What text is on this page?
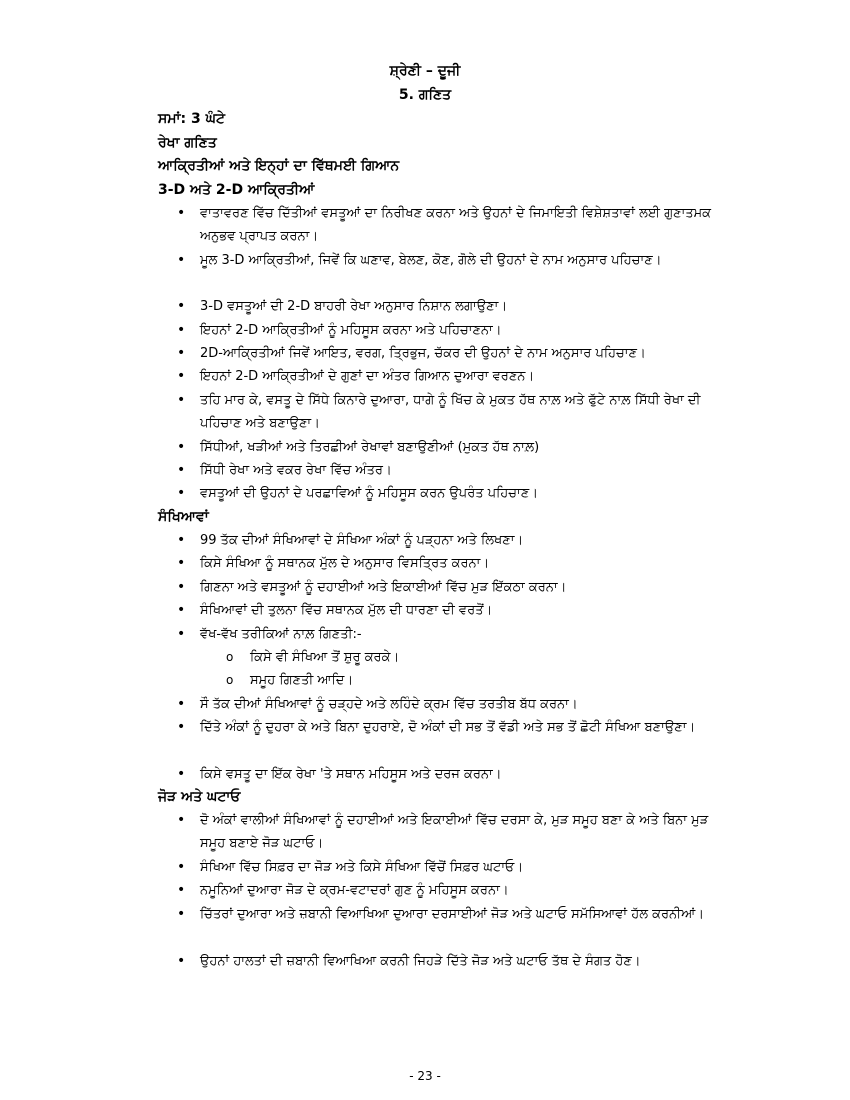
ਸ਼੍ਰੇਣੀ – ਦੂਜੀ
5. ਗਣਿਤ
ਸਮਾਂ: 3 ਘੰਟੇ
ਰੇਖਾ ਗਣਿਤ
ਆਕ੍ਰਿਤੀਆਂ ਅਤੇ ਇਨ੍ਹਾਂ ਦਾ ਵਿੱਥਮਈ ਗਿਆਨ
3-D ਅਤੇ 2-D ਆਕ੍ਰਿਤੀਆਂ
• ਵਾਤਾਵਰਣ ਵਿੱਚ ਦਿੱਤੀਆਂ ਵਸਤੂਆਂ ਦਾ ਨਿਰੀਖਣ ਕਰਨਾ ਅਤੇ ਉਹਨਾਂ ਦੇ ਜਿਮਾਇਤੀ ਵਿਸ਼ੇਸ਼ਤਾਵਾਂ ਲਈ ਗੁਣਾਤਮਕ ਅਨੁਭਵ ਪ੍ਰਾਪਤ ਕਰਨਾ।
• ਮੂਲ 3-D ਆਕ੍ਰਿਤੀਆਂ, ਜਿਵੇਂ ਕਿ ਘਣਾਵ, ਬੇਲਣ, ਕੋਣ, ਗੋਲੇ ਦੀ ਉਹਨਾਂ ਦੇ ਨਾਮ ਅਨੁਸਾਰ ਪਹਿਚਾਣ।
• 3-D ਵਸਤੂਆਂ ਦੀ 2-D ਬਾਹਰੀ ਰੇਖਾ ਅਨੁਸਾਰ ਨਿਸ਼ਾਨ ਲਗਾਉਣਾ।
• ਇਹਨਾਂ 2-D ਆਕ੍ਰਿਤੀਆਂ ਨੂੰ ਮਹਿਸੂਸ ਕਰਨਾ ਅਤੇ ਪਹਿਚਾਣਨਾ।
• 2D-ਆਕ੍ਰਿਤੀਆਂ ਜਿਵੇਂ ਆਇਤ, ਵਰਗ, ਤ੍ਰਿਭੁਜ, ਚੱਕਰ ਦੀ ਉਹਨਾਂ ਦੇ ਨਾਮ ਅਨੁਸਾਰ ਪਹਿਚਾਣ।
• ਇਹਨਾਂ 2-D ਆਕ੍ਰਿਤੀਆਂ ਦੇ ਗੁਣਾਂ ਦਾ ਅੰਤਰ ਗਿਆਨ ਦੁਆਰਾ ਵਰਣਨ।
• ਤਹਿ ਮਾਰ ਕੇ, ਵਸਤੂ ਦੇ ਸਿੱਧੇ ਕਿਨਾਰੇ ਦੁਆਰਾ, ਧਾਗੇ ਨੂੰ ਖਿੱਚ ਕੇ ਮੁਕਤ ਹੱਥ ਨਾਲ਼ ਅਤੇ ਫੁੱਟੇ ਨਾਲ਼ ਸਿੱਧੀ ਰੇਖਾ ਦੀ ਪਹਿਚਾਣ ਅਤੇ ਬਣਾਉਣਾ।
• ਸਿੱਧੀਆਂ, ਖੜੀਆਂ ਅਤੇ ਤਿਰਛੀਆਂ ਰੇਖਾਵਾਂ ਬਣਾਉਣੀਆਂ (ਮੁਕਤ ਹੱਥ ਨਾਲ਼)
• ਸਿੱਧੀ ਰੇਖਾ ਅਤੇ ਵਕਰ ਰੇਖਾ ਵਿੱਚ ਅੰਤਰ।
• ਵਸਤੂਆਂ ਦੀ ਉਹਨਾਂ ਦੇ ਪਰਛਾਵਿਆਂ ਨੂੰ ਮਹਿਸੂਸ ਕਰਨ ਉਪਰੰਤ ਪਹਿਚਾਣ।
ਸੰਖਿਆਵਾਂ
• 99 ਤੱਕ ਦੀਆਂ ਸੰਖਿਆਵਾਂ ਦੇ ਸੰਖਿਆ ਅੰਕਾਂ ਨੂੰ ਪੜ੍ਹਨਾ ਅਤੇ ਲਿਖਣਾ।
• ਕਿਸੇ ਸੰਖਿਆ ਨੂੰ ਸਥਾਨਕ ਮੁੱਲ ਦੇ ਅਨੁਸਾਰ ਵਿਸਤ੍ਰਿਤ ਕਰਨਾ।
• ਗਿਣਨਾ ਅਤੇ ਵਸਤੂਆਂ ਨੂੰ ਦਹਾਈਆਂ ਅਤੇ ਇਕਾਈਆਂ ਵਿੱਚ ਮੁੜ ਇੱਕਠਾ ਕਰਨਾ।
• ਸੰਖਿਆਵਾਂ ਦੀ ਤੁਲਨਾ ਵਿੱਚ ਸਥਾਨਕ ਮੁੱਲ ਦੀ ਧਾਰਣਾ ਦੀ ਵਰਤੋਂ।
• ਵੱਖ-ਵੱਖ ਤਰੀਕਿਆਂ ਨਾਲ਼ ਗਿਣਤੀ:-
o ਕਿਸੇ ਵੀ ਸੰਖਿਆ ਤੋਂ ਸ਼ੁਰੂ ਕਰਕੇ।
o ਸਮੂਹ ਗਿਣਤੀ ਆਦਿ।
• ਸੌ ਤੱਕ ਦੀਆਂ ਸੰਖਿਆਵਾਂ ਨੂੰ ਚੜ੍ਹਦੇ ਅਤੇ ਲਹਿੰਦੇ ਕ੍ਰਮ ਵਿੱਚ ਤਰਤੀਬ ਬੱਧ ਕਰਨਾ।
• ਦਿੱਤੇ ਅੰਕਾਂ ਨੂੰ ਦੁਹਰਾ ਕੇ ਅਤੇ ਬਿਨਾ ਦੁਹਰਾਏ, ਦੋ ਅੰਕਾਂ ਦੀ ਸਭ ਤੋਂ ਵੱਡੀ ਅਤੇ ਸਭ ਤੋਂ ਛੋਟੀ ਸੰਖਿਆ ਬਣਾਉਣਾ।
• ਕਿਸੇ ਵਸਤੂ ਦਾ ਇੱਕ ਰੇਖਾ 'ਤੇ ਸਥਾਨ ਮਹਿਸੂਸ ਅਤੇ ਦਰਜ ਕਰਨਾ।
ਜੋੜ ਅਤੇ ਘਟਾਓ
• ਦੋ ਅੰਕਾਂ ਵਾਲੀਆਂ ਸੰਖਿਆਵਾਂ ਨੂੰ ਦਹਾਈਆਂ ਅਤੇ ਇਕਾਈਆਂ ਵਿੱਚ ਦਰਸਾ ਕੇ, ਮੁੜ ਸਮੂਹ ਬਣਾ ਕੇ ਅਤੇ ਬਿਨਾ ਮੁੜ ਸਮੂਹ ਬਣਾਏ ਜੋੜ ਘਟਾਓ।
• ਸੰਖਿਆ ਵਿੱਚ ਸਿਫ਼ਰ ਦਾ ਜੋੜ ਅਤੇ ਕਿਸੇ ਸੰਖਿਆ ਵਿੱਚੋਂ ਸਿਫ਼ਰ ਘਟਾਓ।
• ਨਮੂਨਿਆਂ ਦੁਆਰਾ ਜੋੜ ਦੇ ਕ੍ਰਮ-ਵਟਾਦਰਾਂ ਗੁਣ ਨੂੰ ਮਹਿਸੂਸ ਕਰਨਾ।
• ਚਿੱਤਰਾਂ ਦੁਆਰਾ ਅਤੇ ਜ਼ਬਾਨੀ ਵਿਆਖਿਆ ਦੁਆਰਾ ਦਰਸਾਈਆਂ ਜੋੜ ਅਤੇ ਘਟਾਓ ਸਮੱਸਿਆਵਾਂ ਹੱਲ ਕਰਨੀਆਂ।
• ਉਹਨਾਂ ਹਾਲਤਾਂ ਦੀ ਜ਼ਬਾਨੀ ਵਿਆਖਿਆ ਕਰਨੀ ਜਿਹੜੇ ਦਿੱਤੇ ਜੋੜ ਅਤੇ ਘਟਾਓ ਤੱਥ ਦੇ ਸੰਗਤ ਹੋਣ।
- 23 -
